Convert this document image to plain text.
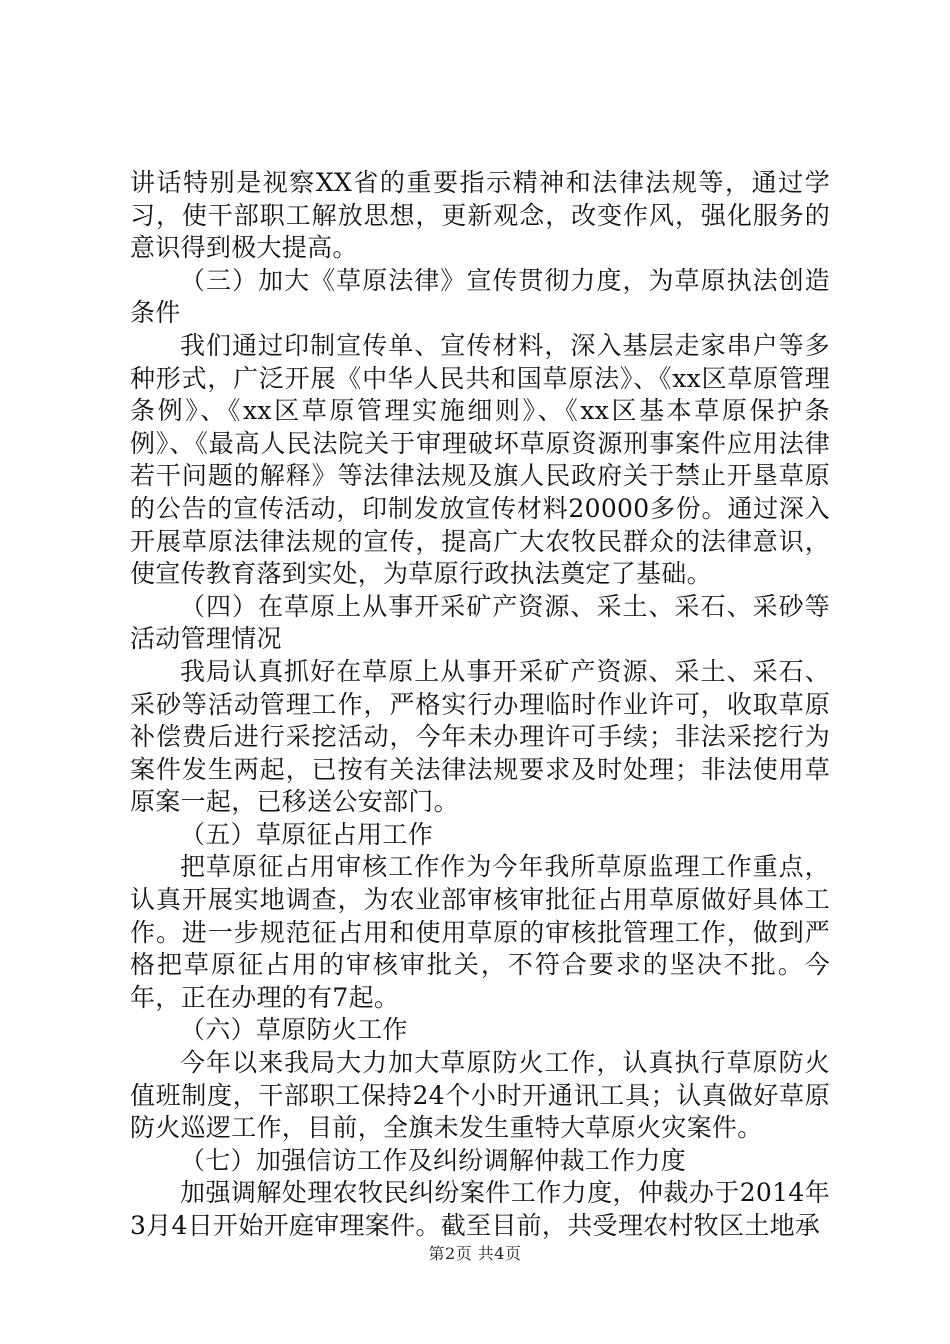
讲话特别是视察XX省的重要指示精神和法律法规等，通过学习，使干部职工解放思想，更新观念，改变作风，强化服务的意识得到极大提高。

（三）加大《草原法律》宣传贯彻力度，为草原执法创造条件

我们通过印制宣传单、宣传材料，深入基层走家串户等多种形式，广泛开展《中华人民共和国草原法》、《xx区草原管理条例》、《xx区草原管理实施细则》、《xx区基本草原保护条例》、《最高人民法院关于审理破坏草原资源刑事案件应用法律若干问题的解释》等法律法规及旗人民政府关于禁止开垦草原的公告的宣传活动，印制发放宣传材料20000多份。通过深入开展草原法律法规的宣传，提高广大农牧民群众的法律意识，使宣传教育落到实处，为草原行政执法奠定了基础。

（四）在草原上从事开采矿产资源、采土、采石、采砂等活动管理情况

我局认真抓好在草原上从事开采矿产资源、采土、采石、采砂等活动管理工作，严格实行办理临时作业许可，收取草原补偿费后进行采挖活动，今年未办理许可手续；非法采挖行为案件发生两起，已按有关法律法规要求及时处理；非法使用草原案一起，已移送公安部门。

（五）草原征占用工作

把草原征占用审核工作作为今年我所草原监理工作重点，认真开展实地调查，为农业部审核审批征占用草原做好具体工作。进一步规范征占用和使用草原的审核批管理工作，做到严格把草原征占用的审核审批关，不符合要求的坚决不批。今年，正在办理的有7起。

（六）草原防火工作

今年以来我局大力加大草原防火工作，认真执行草原防火值班制度，干部职工保持24个小时开通讯工具；认真做好草原防火巡逻工作，目前，全旗未发生重特大草原火灾案件。

（七）加强信访工作及纠纷调解仲裁工作力度

加强调解处理农牧民纠纷案件工作力度，仲裁办于2014年3月4日开始开庭审理案件。截至目前，共受理农村牧区土地承

第2页 共4页
